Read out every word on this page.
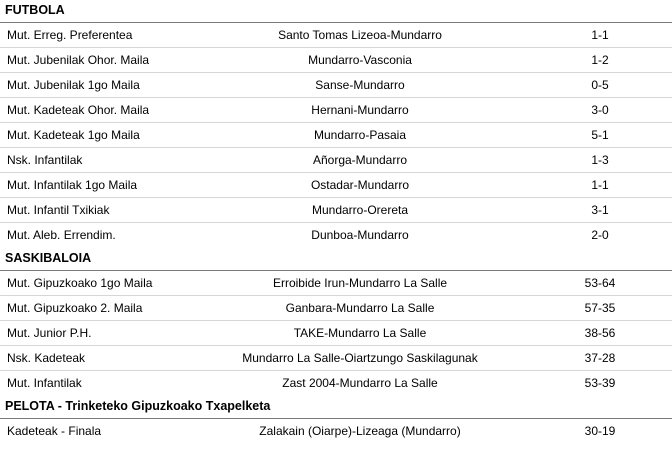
FUTBOLA
Mut. Erreg. Preferentea	Santo Tomas Lizeoa-Mundarro	1-1
Mut. Jubenilak Ohor. Maila	Mundarro-Vasconia	1-2
Mut. Jubenilak 1go Maila	Sanse-Mundarro	0-5
Mut. Kadeteak Ohor. Maila	Hernani-Mundarro	3-0
Mut. Kadeteak 1go Maila	Mundarro-Pasaia	5-1
Nsk. Infantilak	Añorga-Mundarro	1-3
Mut. Infantilak 1go Maila	Ostadar-Mundarro	1-1
Mut. Infantil Txikiak	Mundarro-Orereta	3-1
Mut. Aleb. Errendim.	Dunboa-Mundarro	2-0
SASKIBALOIA
Mut. Gipuzkoako 1go Maila	Erroibide Irun-Mundarro La Salle	53-64
Mut. Gipuzkoako 2. Maila	Ganbara-Mundarro La Salle	57-35
Mut. Junior P.H.	TAKE-Mundarro La Salle	38-56
Nsk. Kadeteak	Mundarro La Salle-Oiartzungo Saskilagunak	37-28
Mut. Infantilak	Zast 2004-Mundarro La Salle	53-39
PELOTA - Trinketeko Gipuzkoako Txapelketa
Kadeteak - Finala	Zalakain (Oiarpe)-Lizeaga (Mundarro)	30-19
